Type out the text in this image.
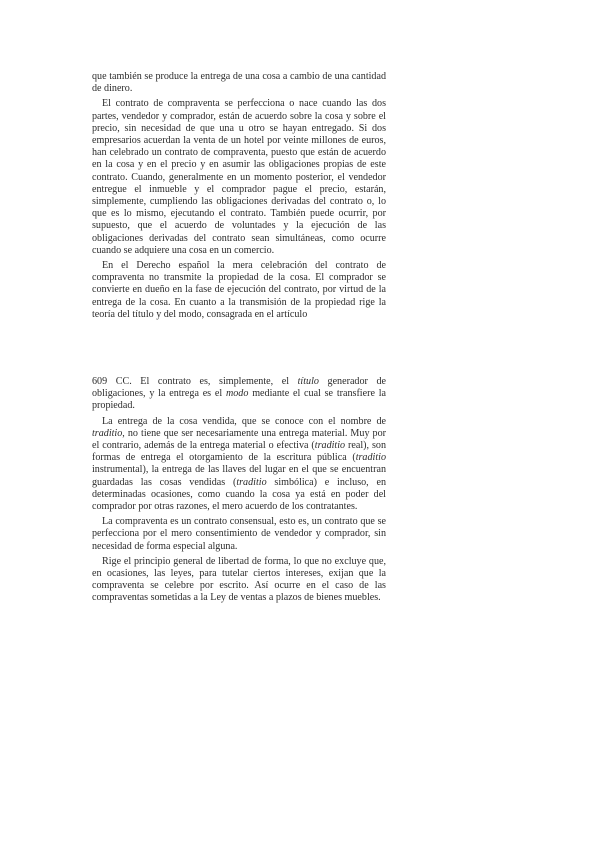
que también se produce la entrega de una cosa a cambio de una cantidad de dinero.

El contrato de compraventa se perfecciona o nace cuando las dos partes, vendedor y comprador, están de acuerdo sobre la cosa y sobre el precio, sin necesidad de que una u otro se hayan entregado. Si dos empresarios acuerdan la venta de un hotel por veinte millones de euros, han celebrado un contrato de compraventa, puesto que están de acuerdo en la cosa y en el precio y en asumir las obligaciones propias de este contrato. Cuando, generalmente en un momento posterior, el vendedor entregue el inmueble y el comprador pague el precio, estarán, simplemente, cumpliendo las obligaciones derivadas del contrato o, lo que es lo mismo, ejecutando el contrato. También puede ocurrir, por supuesto, que el acuerdo de voluntades y la ejecución de las obligaciones derivadas del contrato sean simultáneas, como ocurre cuando se adquiere una cosa en un comercio.

En el Derecho español la mera celebración del contrato de compraventa no transmite la propiedad de la cosa. El comprador se convierte en dueño en la fase de ejecución del contrato, por virtud de la entrega de la cosa. En cuanto a la transmisión de la propiedad rige la teoría del título y del modo, consagrada en el artículo

609 CC. El contrato es, simplemente, el título generador de obligaciones, y la entrega es el modo mediante el cual se transfiere la propiedad.

La entrega de la cosa vendida, que se conoce con el nombre de traditio, no tiene que ser necesariamente una entrega material. Muy por el contrario, además de la entrega material o efectiva (traditio real), son formas de entrega el otorgamiento de la escritura pública (traditio instrumental), la entrega de las llaves del lugar en el que se encuentran guardadas las cosas vendidas (traditio simbólica) e incluso, en determinadas ocasiones, como cuando la cosa ya está en poder del comprador por otras razones, el mero acuerdo de los contratantes.

La compraventa es un contrato consensual, esto es, un contrato que se perfecciona por el mero consentimiento de vendedor y comprador, sin necesidad de forma especial alguna.

Rige el principio general de libertad de forma, lo que no excluye que, en ocasiones, las leyes, para tutelar ciertos intereses, exijan que la compraventa se celebre por escrito. Así ocurre en el caso de las compraventas sometidas a la Ley de ventas a plazos de bienes muebles.
